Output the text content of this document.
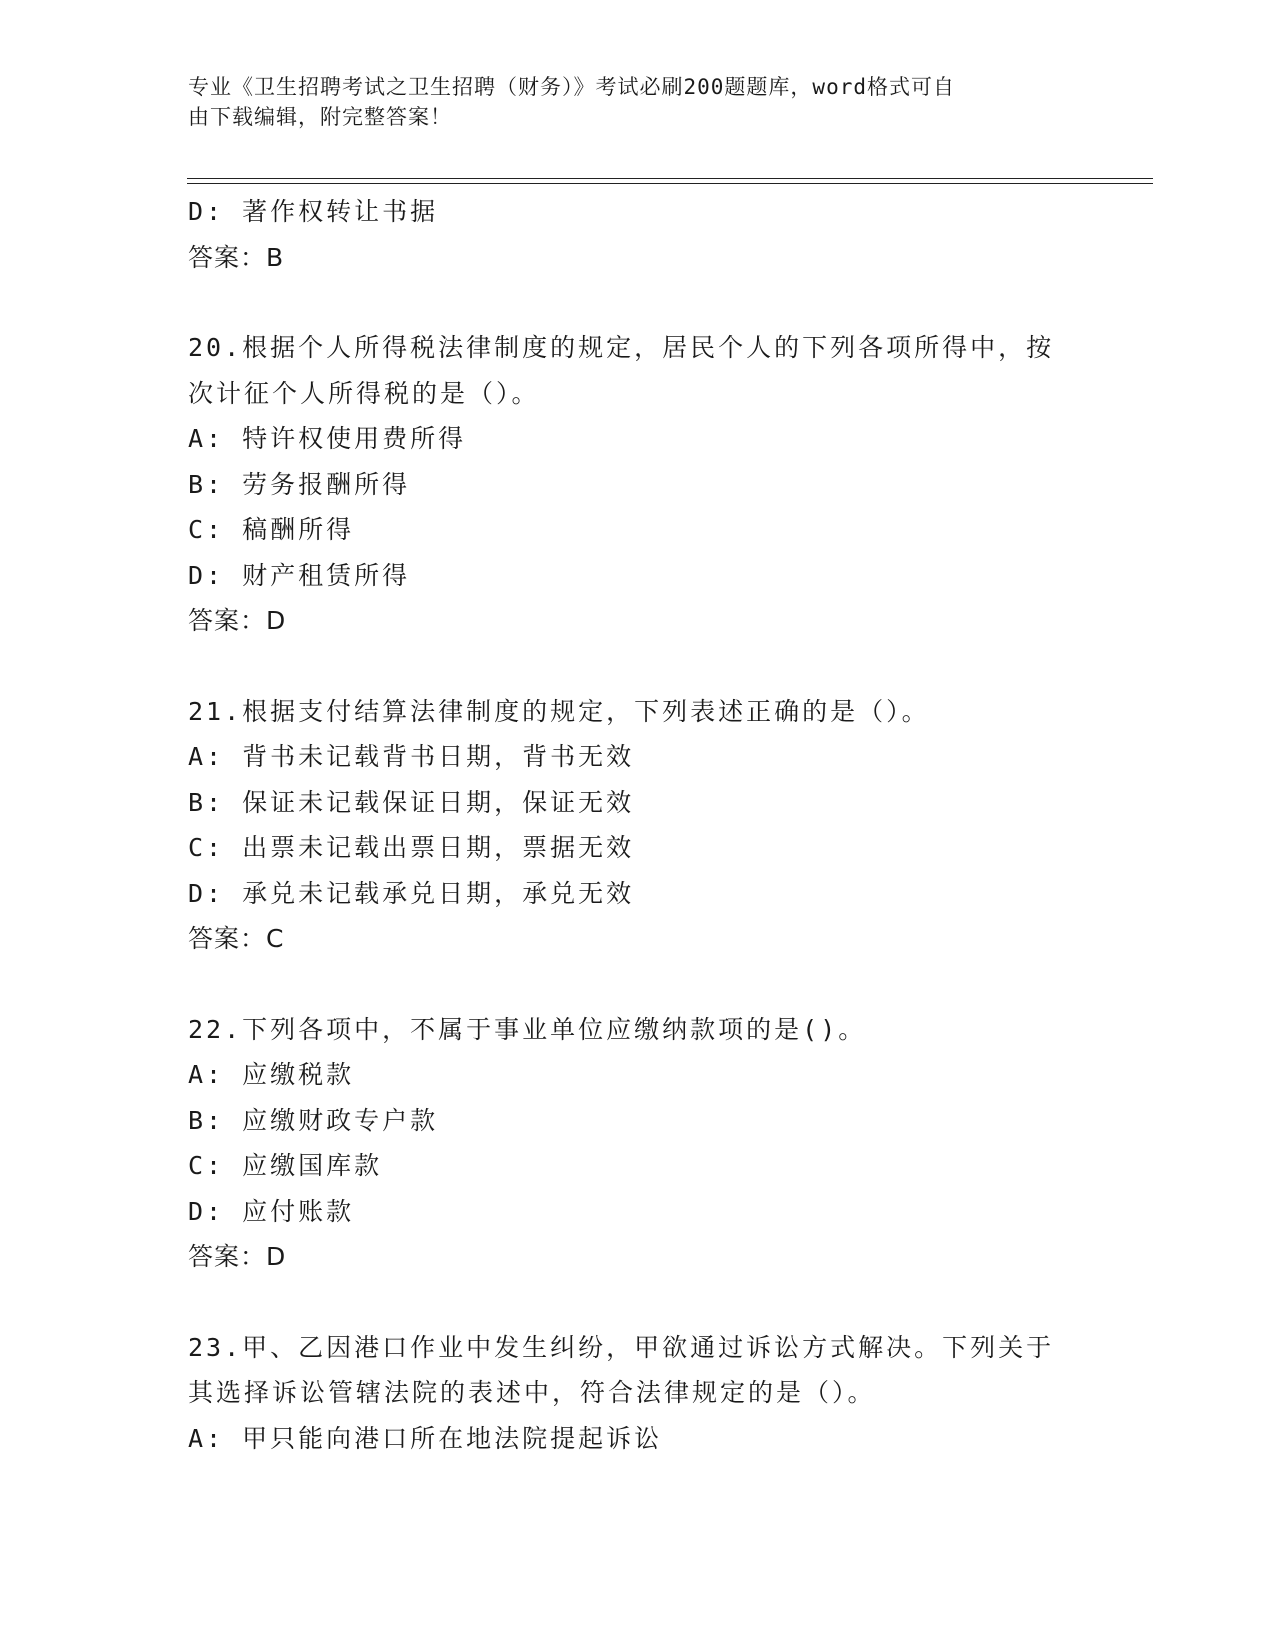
专业《卫生招聘考试之卫生招聘（财务）》考试必刷200题题库，word格式可自
由下载编辑，附完整答案！
D: 著作权转让书据
答案：B
20.根据个人所得税法律制度的规定，居民个人的下列各项所得中，按
次计征个人所得税的是（）。
A: 特许权使用费所得
B: 劳务报酬所得
C: 稿酬所得
D: 财产租赁所得
答案：D
21.根据支付结算法律制度的规定，下列表述正确的是（）。
A: 背书未记载背书日期，背书无效
B: 保证未记载保证日期，保证无效
C: 出票未记载出票日期，票据无效
D: 承兑未记载承兑日期，承兑无效
答案：C
22.下列各项中，不属于事业单位应缴纳款项的是()。
A: 应缴税款
B: 应缴财政专户款
C: 应缴国库款
D: 应付账款
答案：D
23.甲、乙因港口作业中发生纠纷，甲欲通过诉讼方式解决。下列关于
其选择诉讼管辖法院的表述中，符合法律规定的是（）。
A: 甲只能向港口所在地法院提起诉讼
